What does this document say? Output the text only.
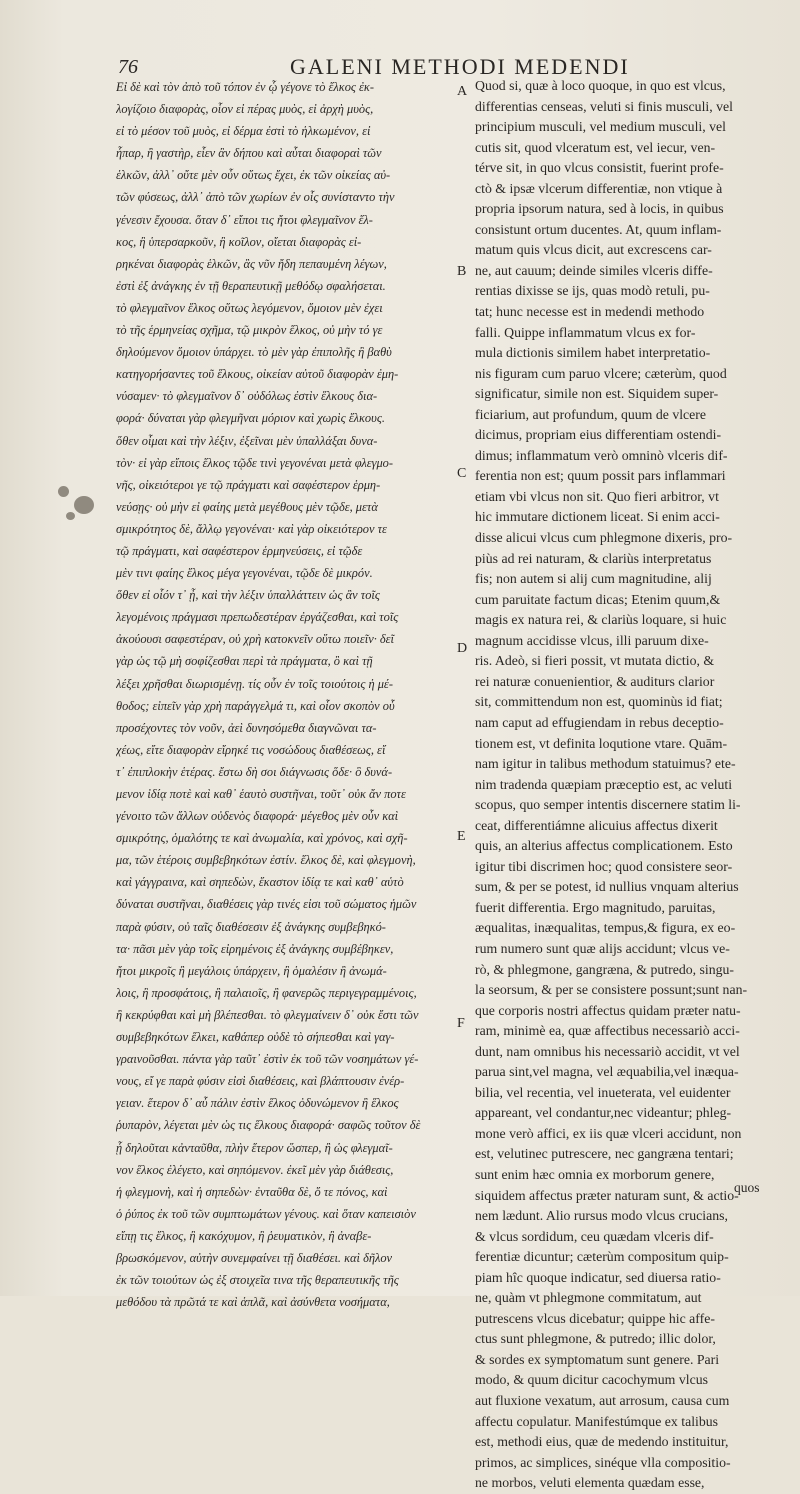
76	GALENI METHODI MEDENDI
Εἰ δὲ καὶ τὸν ἀπὸ τοῦ τόπον ἐν ᾧ γέγονε τὸ ἕλκος ἐκ-
λογίζοιο διαφορὰς, οἷον εἰ πέρας μυὸς, εἰ ἀρχὴ μυὸς,
εἰ τὸ μέσον τοῦ μυὸς, εἰ δέρμα ἐστὶ τὸ ἡλκωμένον, εἰ
ἧπαρ, ἢ γαστὴρ, εἶεν ἂν δήπου καὶ αὗται διαφοραὶ τῶν
ἑλκῶν, ἀλλ᾽ οὔτε μὲν οὖν οὕτως ἔχει, ἐκ τῶν οἰκείας αὐ-
τῶν φύσεως, ἀλλ᾽ ἀπὸ τῶν χωρίων ἐν οἷς συνίσταντο τὴν
γένεσιν ἔχουσα. ὅταν δ᾽ εἴποι τις ἤτοι φλεγμαῖνον ἕλ-
κος, ἢ ὑπερσαρκοῦν, ἢ κοῖλον, οἴεται διαφορὰς εἰ-
ρηκέναι διαφορὰς ἑλκῶν, ἃς νῦν ἤδη πεπαυμένη λέγων,
ἐστὶ ἐξ ἀνάγκης ἐν τῇ θεραπευτικῇ μεθόδῳ σφαλήσεται.
τὸ φλεγμαῖνον ἕλκος οὕτως λεγόμενον, ὅμοιον μὲν ἐχει
τὸ τῆς ἑρμηνείας σχῆμα, τῷ μικρὸν ἕλκος, οὐ μὴν τό γε
δηλούμενον ὅμοιον ὑπάρχει. τὸ μὲν γὰρ ἐπιπολῆς ἢ βαθὺ
κατηγορήσαντες τοῦ ἕλκους, οἰκείαν αὐτοῦ διαφορὰν ἐμη-
νύσαμεν· τὸ φλεγμαῖνον δ᾽ οὐδόλως ἐστὶν ἕλκους δια-
φορά· δύναται γὰρ φλεγμῆναι μόριον καὶ χωρὶς ἕλκους.
ὅθεν οἶμαι καὶ τὴν λέξιν, ἐξεῖναι μὲν ὑπαλλάξαι δυνα-
τὸν· εἰ γὰρ εἴποις ἕλκος τῷδε τινὶ γεγονέναι μετὰ φλεγμο-
νῆς, οἰκειότεροι γε τῷ πράγματι καὶ σαφέστερον ἑρμη-
νεύσῃς· οὐ μὴν εἰ φαίης μετὰ μεγέθους μὲν τῷδε, μετὰ
σμικρότητος δὲ, ἄλλῳ γεγονέναι· καὶ γὰρ οἰκειότερον τε
τῷ πράγματι, καὶ σαφέστερον ἑρμηνεύσεις, εἰ τῷδε
μὲν τινι φαίης ἕλκος μέγα γεγονέναι, τῷδε δὲ μικρόν.
ὅθεν εἰ οἷόν τ᾽ ᾖ, καὶ τὴν λέξιν ὑπαλλάττειν ὡς ἂν τοῖς
λεγομένοις πράγμασι πρεπωδεστέραν ἐργάζεσθαι, καὶ τοῖς
ἀκούουσι σαφεστέραν, οὐ χρὴ κατοκνεῖν οὕτω ποιεῖν· δεῖ
γὰρ ὡς τῷ μὴ σοφίζεσθαι περὶ τὰ πράγματα, ὃ καὶ τῇ
λέξει χρῆσθαι διωρισμένῃ. τίς οὖν ἐν τοῖς τοιούτοις ἡ μέ-
θοδος; εἰπεῖν γὰρ χρὴ παράγγελμά τι, καὶ οἷον σκοπὸν οὗ
προσέχοντες τὸν νοῦν, ἀεὶ δυνησόμεθα διαγνῶναι τα-
χέως, εἴτε διαφορὰν εἴρηκέ τις νοσώδους διαθέσεως, εἴ
τ᾽ ἐπιπλοκὴν ἑτέρας. ἔστω δὴ σοι διάγνωσις ὅδε· ὃ δυνά-
μενον ἰδίᾳ ποτὲ καὶ καθ᾽ ἑαυτὸ συστῆναι, τοῦτ᾽ οὐκ ἄν ποτε
γένοιτο τῶν ἄλλων οὐδενὸς διαφορά· μέγεθος μὲν οὖν καὶ
σμικρότης, ὁμαλότης τε καὶ ἀνωμαλία, καὶ χρόνος, καὶ σχῆ-
μα, τῶν ἑτέροις συμβεβηκότων ἐστίν. ἕλκος δὲ, καὶ φλεγμονὴ,
καὶ γάγγραινα, καὶ σηπεδὼν, ἕκαστον ἰδίᾳ τε καὶ καθ᾽ αὑτὸ
δύναται συστῆναι, διαθέσεις γὰρ τινές εἰσι τοῦ σώματος ἡμῶν
παρὰ φύσιν, οὐ ταῖς διαθέσεσιν ἐξ ἀνάγκης συμβεβηκό-
τα· πᾶσι μὲν γὰρ τοῖς εἰρημένοις ἐξ ἀνάγκης συμβέβηκεν,
ἤτοι μικροῖς ἢ μεγάλοις ὑπάρχειν, ἢ ὁμαλέσιν ἢ ἀνωμά-
λοις, ἢ προσφάτοις, ἢ παλαιοῖς, ἢ φανερῶς περιγεγραμμένοις,
ἢ κεκρύφθαι καὶ μὴ βλέπεσθαι. τὸ φλεγμαίνειν δ᾽ οὐκ ἔστι τῶν
συμβεβηκότων ἕλκει, καθάπερ οὐδὲ τὸ σήπεσθαι καὶ γαγ-
γραινοῦσθαι. πάντα γὰρ ταῦτ᾽ ἐστὶν ἐκ τοῦ τῶν νοσημάτων γέ-
νους, εἴ γε παρὰ φύσιν εἰσὶ διαθέσεις, καὶ βλάπτουσιν ἐνέρ-
γειαν. ἕτερον δ᾽ αὖ πάλιν ἐστὶν ἕλκος ὀδυνώμενον ἢ ἕλκος
ῥυπαρὸν, λέγεται μὲν ὡς τις ἕλκους διαφορά· σαφῶς τοῦτον δὲ
ᾗ δηλοῦται κἀνταῦθα, πλὴν ἕτερον ὥσπερ, ἢ ὡς φλεγμαῖ-
νον ἕλκος ἐλέγετο, καὶ σηπόμενον. ἐκεῖ μὲν γὰρ διάθεσις,
ἡ φλεγμονὴ, καὶ ἡ σηπεδὼν· ἐνταῦθα δὲ, ὅ τε πόνος, καὶ
ὁ ῥύπος ἐκ τοῦ τῶν συμπτωμάτων γένους. καὶ ὅταν καπεισιὸν
εἴπῃ τις ἕλκος, ἢ κακόχυμον, ἢ ῥευματικὸν, ἢ ἀναβε-
βρωσκόμενον, αὐτὴν συνεμφαίνει τῇ διαθέσει. καὶ δῆλον
ἐκ τῶν τοιούτων ὡς ἐξ στοιχεῖα τινα τῆς θεραπευτικῆς τῆς
μεθόδου τὰ πρῶτά τε καὶ ἁπλᾶ, καὶ ἀσύνθετα νοσήματα,
A
B
C
D
E
F
Quod si, quæ à loco quoque, in quo est vlcus,
differentias censeas, veluti si finis musculi, vel
principium musculi, vel medium musculi, vel
cutis sit, quod vlceratum est, vel iecur, ven-
térve sit, in quo vlcus consistit, fuerint profe-
ctò & ipsæ vlcerum differentiæ, non vtique à
propria ipsorum natura, sed à locis, in quibus
consistunt ortum ducentes. At, quum inflam-
matum quis vlcus dicit, aut excrescens car-
ne, aut cauum; deinde similes vlceris diffe-
rentias dixisse se ijs, quas modò retuli, pu-
tat; hunc necesse est in medendi methodo
falli. Quippe inflammatum vlcus ex for-
mula dictionis similem habet interpretatio-
nis figuram cum paruo vlcere; cæterùm, quod
significatur, simile non est. Siquidem super-
ficiarium, aut profundum, quum de vlcere
dicimus, propriam eius differentiam ostendi-
dimus; inflammatum verò omninò vlceris dif-
ferentia non est; quum possit pars inflammari
etiam vbi vlcus non sit. Quo fieri arbitror, vt
hic immutare dictionem liceat. Si enim acci-
disse alicui vlcus cum phlegmone dixeris, pro-
piùs ad rei naturam, & clariùs interpretatus
fis; non autem si alij cum magnitudine, alij
cum paruitate factum dicas; Etenim quum,&
magis ex natura rei, & clariùs loquare, si huic
magnum accidisse vlcus, illi paruum dixe-
ris. Adeò, si fieri possit, vt mutata dictio, &
rei naturæ conuenientior, & auditurs clarior
sit, committendum non est, quominùs id fiat;
nam caput ad effugiendam in rebus deceptio-
tionem est, vt definita loqutione vtare. Quām-
nam igitur in talibus methodum statuimus? ete-
nim tradenda quæpiam præceptio est, ac veluti
scopus, quo semper intentis discernere statim li-
ceat, differentiámne alicuius affectus dixerit
quis, an alterius affectus complicationem. Esto
igitur tibi discrimen hoc; quod consistere seor-
sum, & per se potest, id nullius vnquam alterius
fuerit differentia. Ergo magnitudo, paruitas,
æqualitas, inæqualitas, tempus,& figura, ex eo-
rum numero sunt quæ alijs accidunt; vlcus ve-
rò, & phlegmone, gangræna, & putredo, singu-
la seorsum, & per se consistere possunt;sunt nan-
que corporis nostri affectus quidam præter natu-
ram, minimè ea, quæ affectibus necessariò acci-
dunt, nam omnibus his necessariò accidit, vt vel
parua sint,vel magna, vel æquabilia,vel inæqua-
bilia, vel recentia, vel inueterata, vel euidenter
appareant, vel condantur,nec videantur; phleg-
mone verò affici, ex iis quæ vlceri accidunt, non
est, velutinec putrescere, nec gangræna tentari;
sunt enim hæc omnia ex morborum genere,
siquidem affectus præter naturam sunt, & actio-
nem lædunt. Alio rursus modo vlcus crucians,
& vlcus sordidum, ceu quædam vlceris dif-
ferentiæ dicuntur; cæterùm compositum quip-
piam hîc quoque indicatur, sed diuersa ratio-
ne, quàm vt phlegmone commitatum, aut
putrescens vlcus dicebatur; quippe hic affe-
ctus sunt phlegmone, & putredo; illic dolor,
& sordes ex symptomatum sunt genere. Pari
modo, & quum dicitur cacochymum vlcus
aut fluxione vexatum, aut arrosum, causa cum
affectu copulatur. Manifestúmque ex talibus
est, methodi eius, quæ de medendo instituitur,
primos, ac simplices, sinéque vlla compositio-
ne morbos, veluti elementa quædam esse,
quos
